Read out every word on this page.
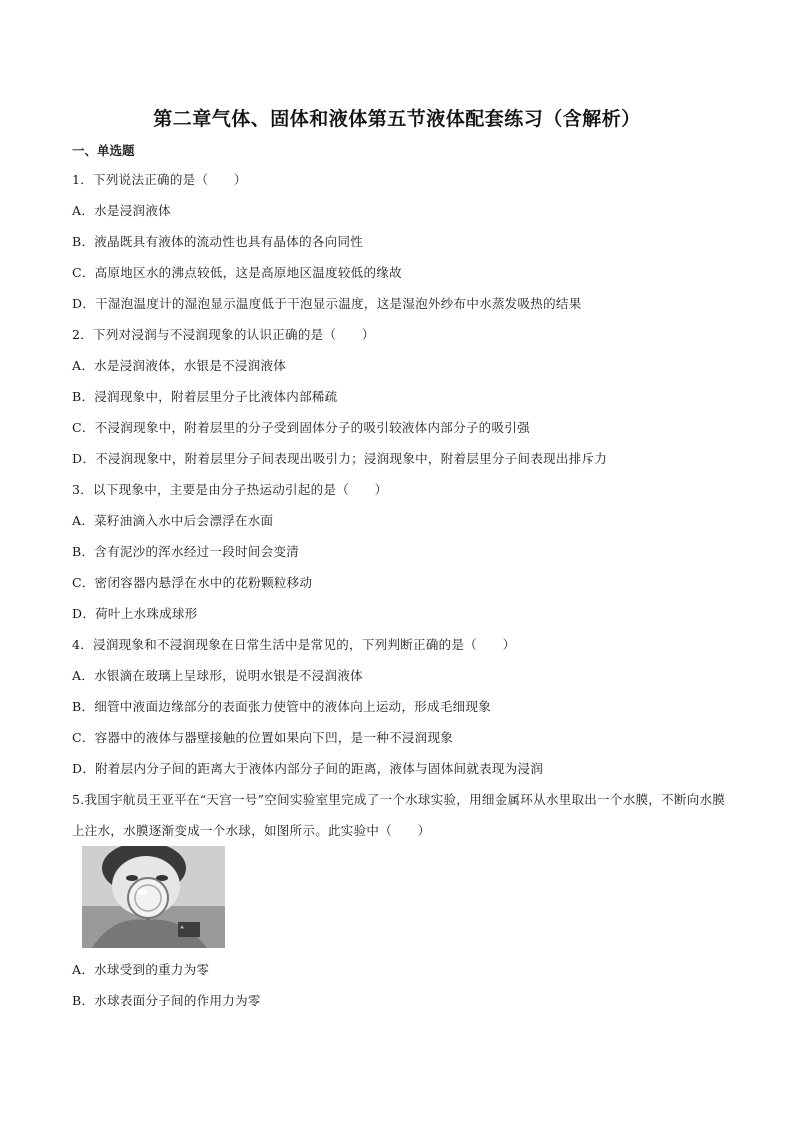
第二章气体、固体和液体第五节液体配套练习（含解析）
一、单选题
1．下列说法正确的是（　　）
A．水是浸润液体
B．液晶既具有液体的流动性也具有晶体的各向同性
C．高原地区水的沸点较低，这是高原地区温度较低的缘故
D．干湿泡温度计的湿泡显示温度低于干泡显示温度，这是湿泡外纱布中水蒸发吸热的结果
2．下列对浸润与不浸润现象的认识正确的是（　　）
A．水是浸润液体，水银是不浸润液体
B．浸润现象中，附着层里分子比液体内部稀疏
C．不浸润现象中，附着层里的分子受到固体分子的吸引较液体内部分子的吸引强
D．不浸润现象中，附着层里分子间表现出吸引力；浸润现象中，附着层里分子间表现出排斥力
3．以下现象中，主要是由分子热运动引起的是（　　）
A．菜籽油滴入水中后会漂浮在水面
B．含有泥沙的浑水经过一段时间会变清
C．密闭容器内悬浮在水中的花粉颗粒移动
D．荷叶上水珠成球形
4．浸润现象和不浸润现象在日常生活中是常见的，下列判断正确的是（　　）
A．水银滴在玻璃上呈球形，说明水银是不浸润液体
B．细管中液面边缘部分的表面张力使管中的液体向上运动，形成毛细现象
C．容器中的液体与器壁接触的位置如果向下凹，是一种不浸润现象
D．附着层内分子间的距离大于液体内部分子间的距离，液体与固体间就表现为浸润
5.我国宇航员王亚平在“天宫一号”空间实验室里完成了一个水球实验，用细金属环从水里取出一个水膜，不断向水膜上注水，水膜逐渐变成一个水球，如图所示。此实验中（　　）
A．水球受到的重力为零
B．水球表面分子间的作用力为零
